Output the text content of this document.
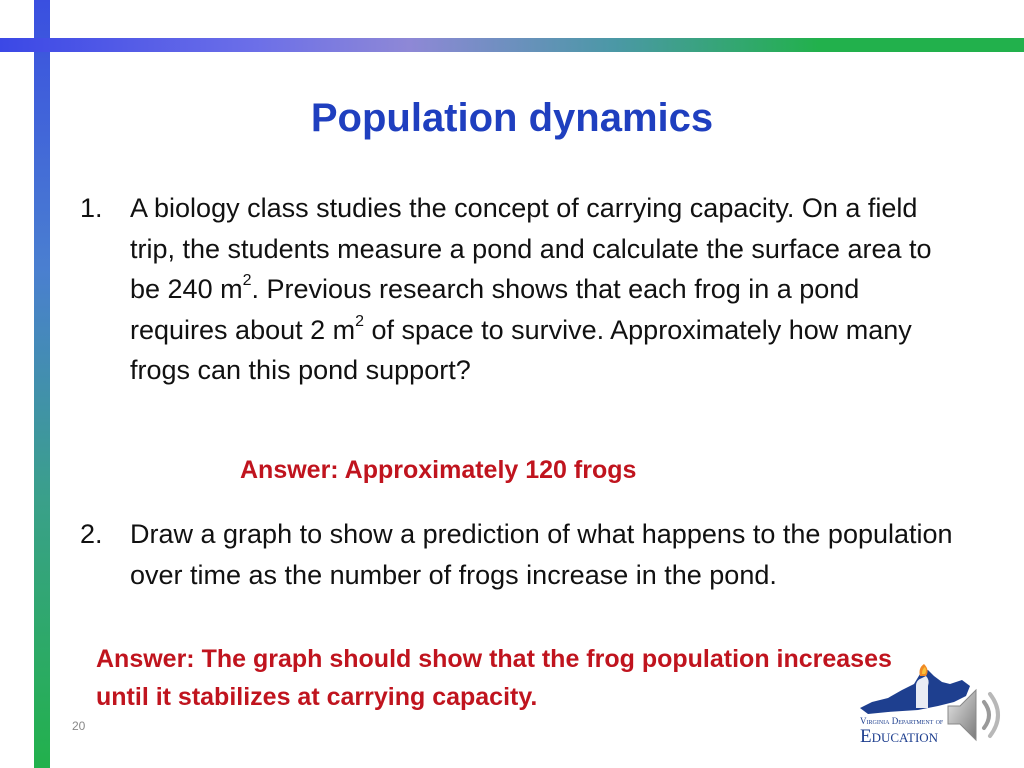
Population dynamics
1. A biology class studies the concept of carrying capacity. On a field trip, the students measure a pond and calculate the surface area to be 240 $m^2$. Previous research shows that each frog in a pond requires about 2 $m^2$ of space to survive. Approximately how many frogs can this pond support?
Answer: Approximately 120 frogs
2. Draw a graph to show a prediction of what happens to the population over time as the number of frogs increase in the pond.
Answer: The graph should show that the frog population increases until it stabilizes at carrying capacity.
20	Virginia Department of
Education
